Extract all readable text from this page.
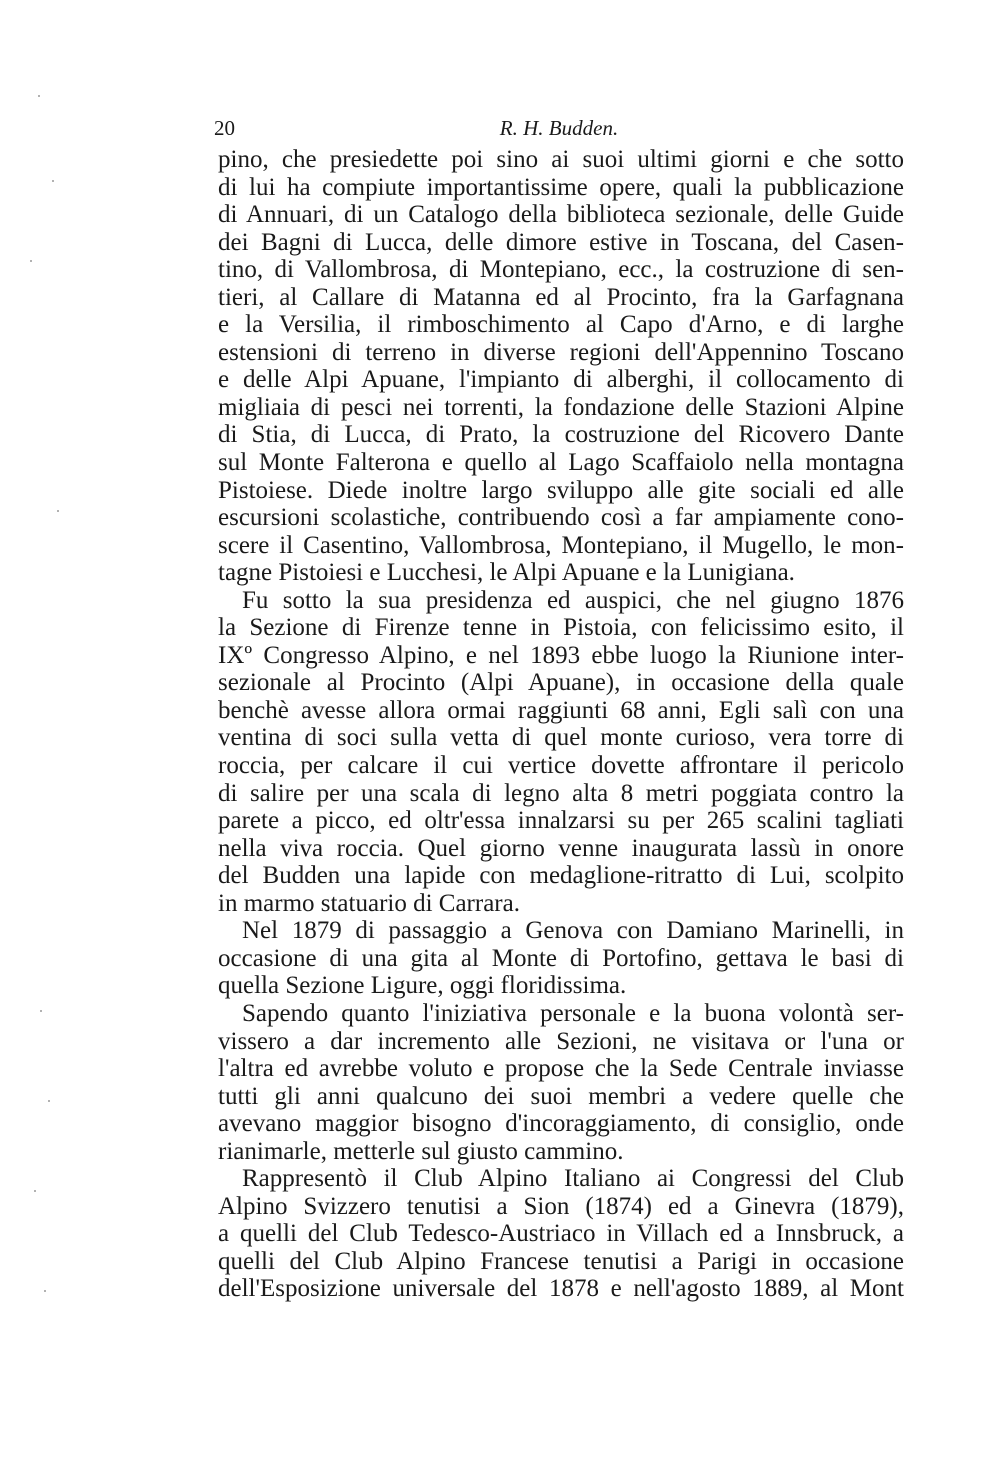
20	R. H. Budden.
pino, che presiedette poi sino ai suoi ultimi giorni e che sotto
di lui ha compiute importantissime opere, quali la pubblicazione
di Annuari, di un Catalogo della biblioteca sezionale, delle Guide
dei Bagni di Lucca, delle dimore estive in Toscana, del Casen-
tino, di Vallombrosa, di Montepiano, ecc., la costruzione di sen-
tieri, al Callare di Matanna ed al Procinto, fra la Garfagnana
e la Versilia, il rimboschimento al Capo d'Arno, e di larghe
estensioni di terreno in diverse regioni dell'Appennino Toscano
e delle Alpi Apuane, l'impianto di alberghi, il collocamento di
migliaia di pesci nei torrenti, la fondazione delle Stazioni Alpine
di Stia, di Lucca, di Prato, la costruzione del Ricovero Dante
sul Monte Falterona e quello al Lago Scaffaiolo nella montagna
Pistoiese. Diede inoltre largo sviluppo alle gite sociali ed alle
escursioni scolastiche, contribuendo così a far ampiamente cono-
scere il Casentino, Vallombrosa, Montepiano, il Mugello, le mon-
tagne Pistoiesi e Lucchesi, le Alpi Apuane e la Lunigiana.
Fu sotto la sua presidenza ed auspici, che nel giugno 1876
la Sezione di Firenze tenne in Pistoia, con felicissimo esito, il
IXº Congresso Alpino, e nel 1893 ebbe luogo la Riunione inter-
sezionale al Procinto (Alpi Apuane), in occasione della quale
benchè avesse allora ormai raggiunti 68 anni, Egli salì con una
ventina di soci sulla vetta di quel monte curioso, vera torre di
roccia, per calcare il cui vertice dovette affrontare il pericolo
di salire per una scala di legno alta 8 metri poggiata contro la
parete a picco, ed oltr'essa innalzarsi su per 265 scalini tagliati
nella viva roccia. Quel giorno venne inaugurata lassù in onore
del Budden una lapide con medaglione-ritratto di Lui, scolpito
in marmo statuario di Carrara.
Nel 1879 di passaggio a Genova con Damiano Marinelli, in
occasione di una gita al Monte di Portofino, gettava le basi di
quella Sezione Ligure, oggi floridissima.
Sapendo quanto l'iniziativa personale e la buona volontà ser-
vissero a dar incremento alle Sezioni, ne visitava or l'una or
l'altra ed avrebbe voluto e propose che la Sede Centrale inviasse
tutti gli anni qualcuno dei suoi membri a vedere quelle che
avevano maggior bisogno d'incoraggiamento, di consiglio, onde
rianimarle, metterle sul giusto cammino.
Rappresentò il Club Alpino Italiano ai Congressi del Club
Alpino Svizzero tenutisi a Sion (1874) ed a Ginevra (1879),
a quelli del Club Tedesco-Austriaco in Villach ed a Innsbruck, a
quelli del Club Alpino Francese tenutisi a Parigi in occasione
dell'Esposizione universale del 1878 e nell'agosto 1889, al Mont
